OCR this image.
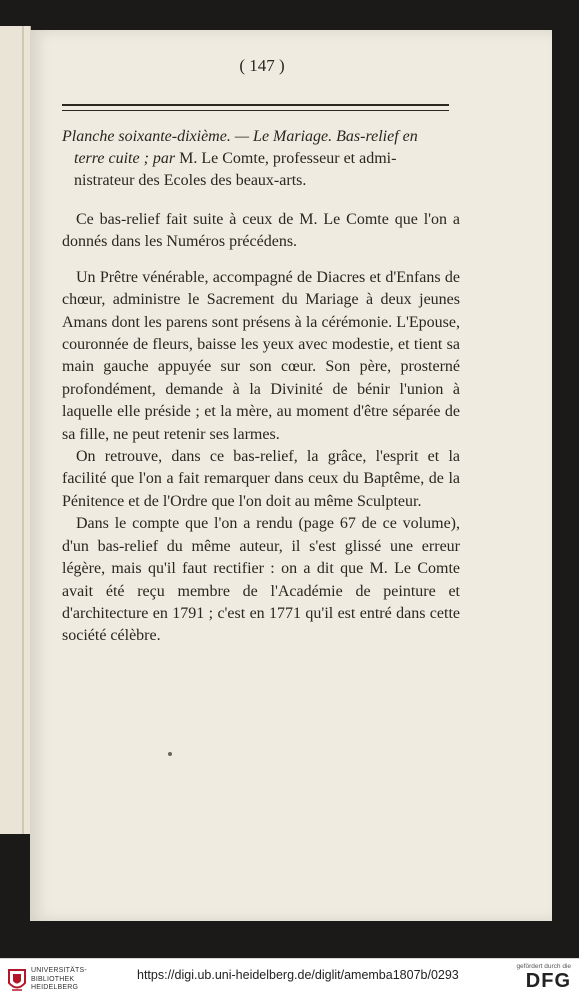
( 147 )
Planche soixante-dixième. — Le Mariage. Bas-relief en
terre cuite ; par M. Le Comte, professeur et admi-
nistrateur des Ecoles des beaux-arts.

Ce bas-relief fait suite à ceux de M. Le Comte que l'on a donnés dans les Numéros précédens.

Un Prêtre vénérable, accompagné de Diacres et d'Enfans de chœur, administre le Sacrement du Mariage à deux jeunes Amans dont les parens sont présens à la cérémonie. L'Epouse, couronnée de fleurs, baisse les yeux avec modestie, et tient sa main gauche appuyée sur son cœur. Son père, prosterné profondément, demande à la Divinité de bénir l'union à laquelle elle préside ; et la mère, au moment d'être séparée de sa fille, ne peut retenir ses larmes.

On retrouve, dans ce bas-relief, la grâce, l'esprit et la facilité que l'on a fait remarquer dans ceux du Baptême, de la Pénitence et de l'Ordre que l'on doit au même Sculpteur.

Dans le compte que l'on a rendu (page 67 de ce volume), d'un bas-relief du même auteur, il s'est glissé une erreur légère, mais qu'il faut rectifier : on a dit que M. Le Comte avait été reçu membre de l'Académie de peinture et d'architecture en 1791 ; c'est en 1771 qu'il est entré dans cette société célèbre.

UNIVERSITÄTS-
BIBLIOTHEK
HEIDELBERG
https://digi.ub.uni-heidelberg.de/diglit/amemba1807b/0293
gefördert durch die
DFG
